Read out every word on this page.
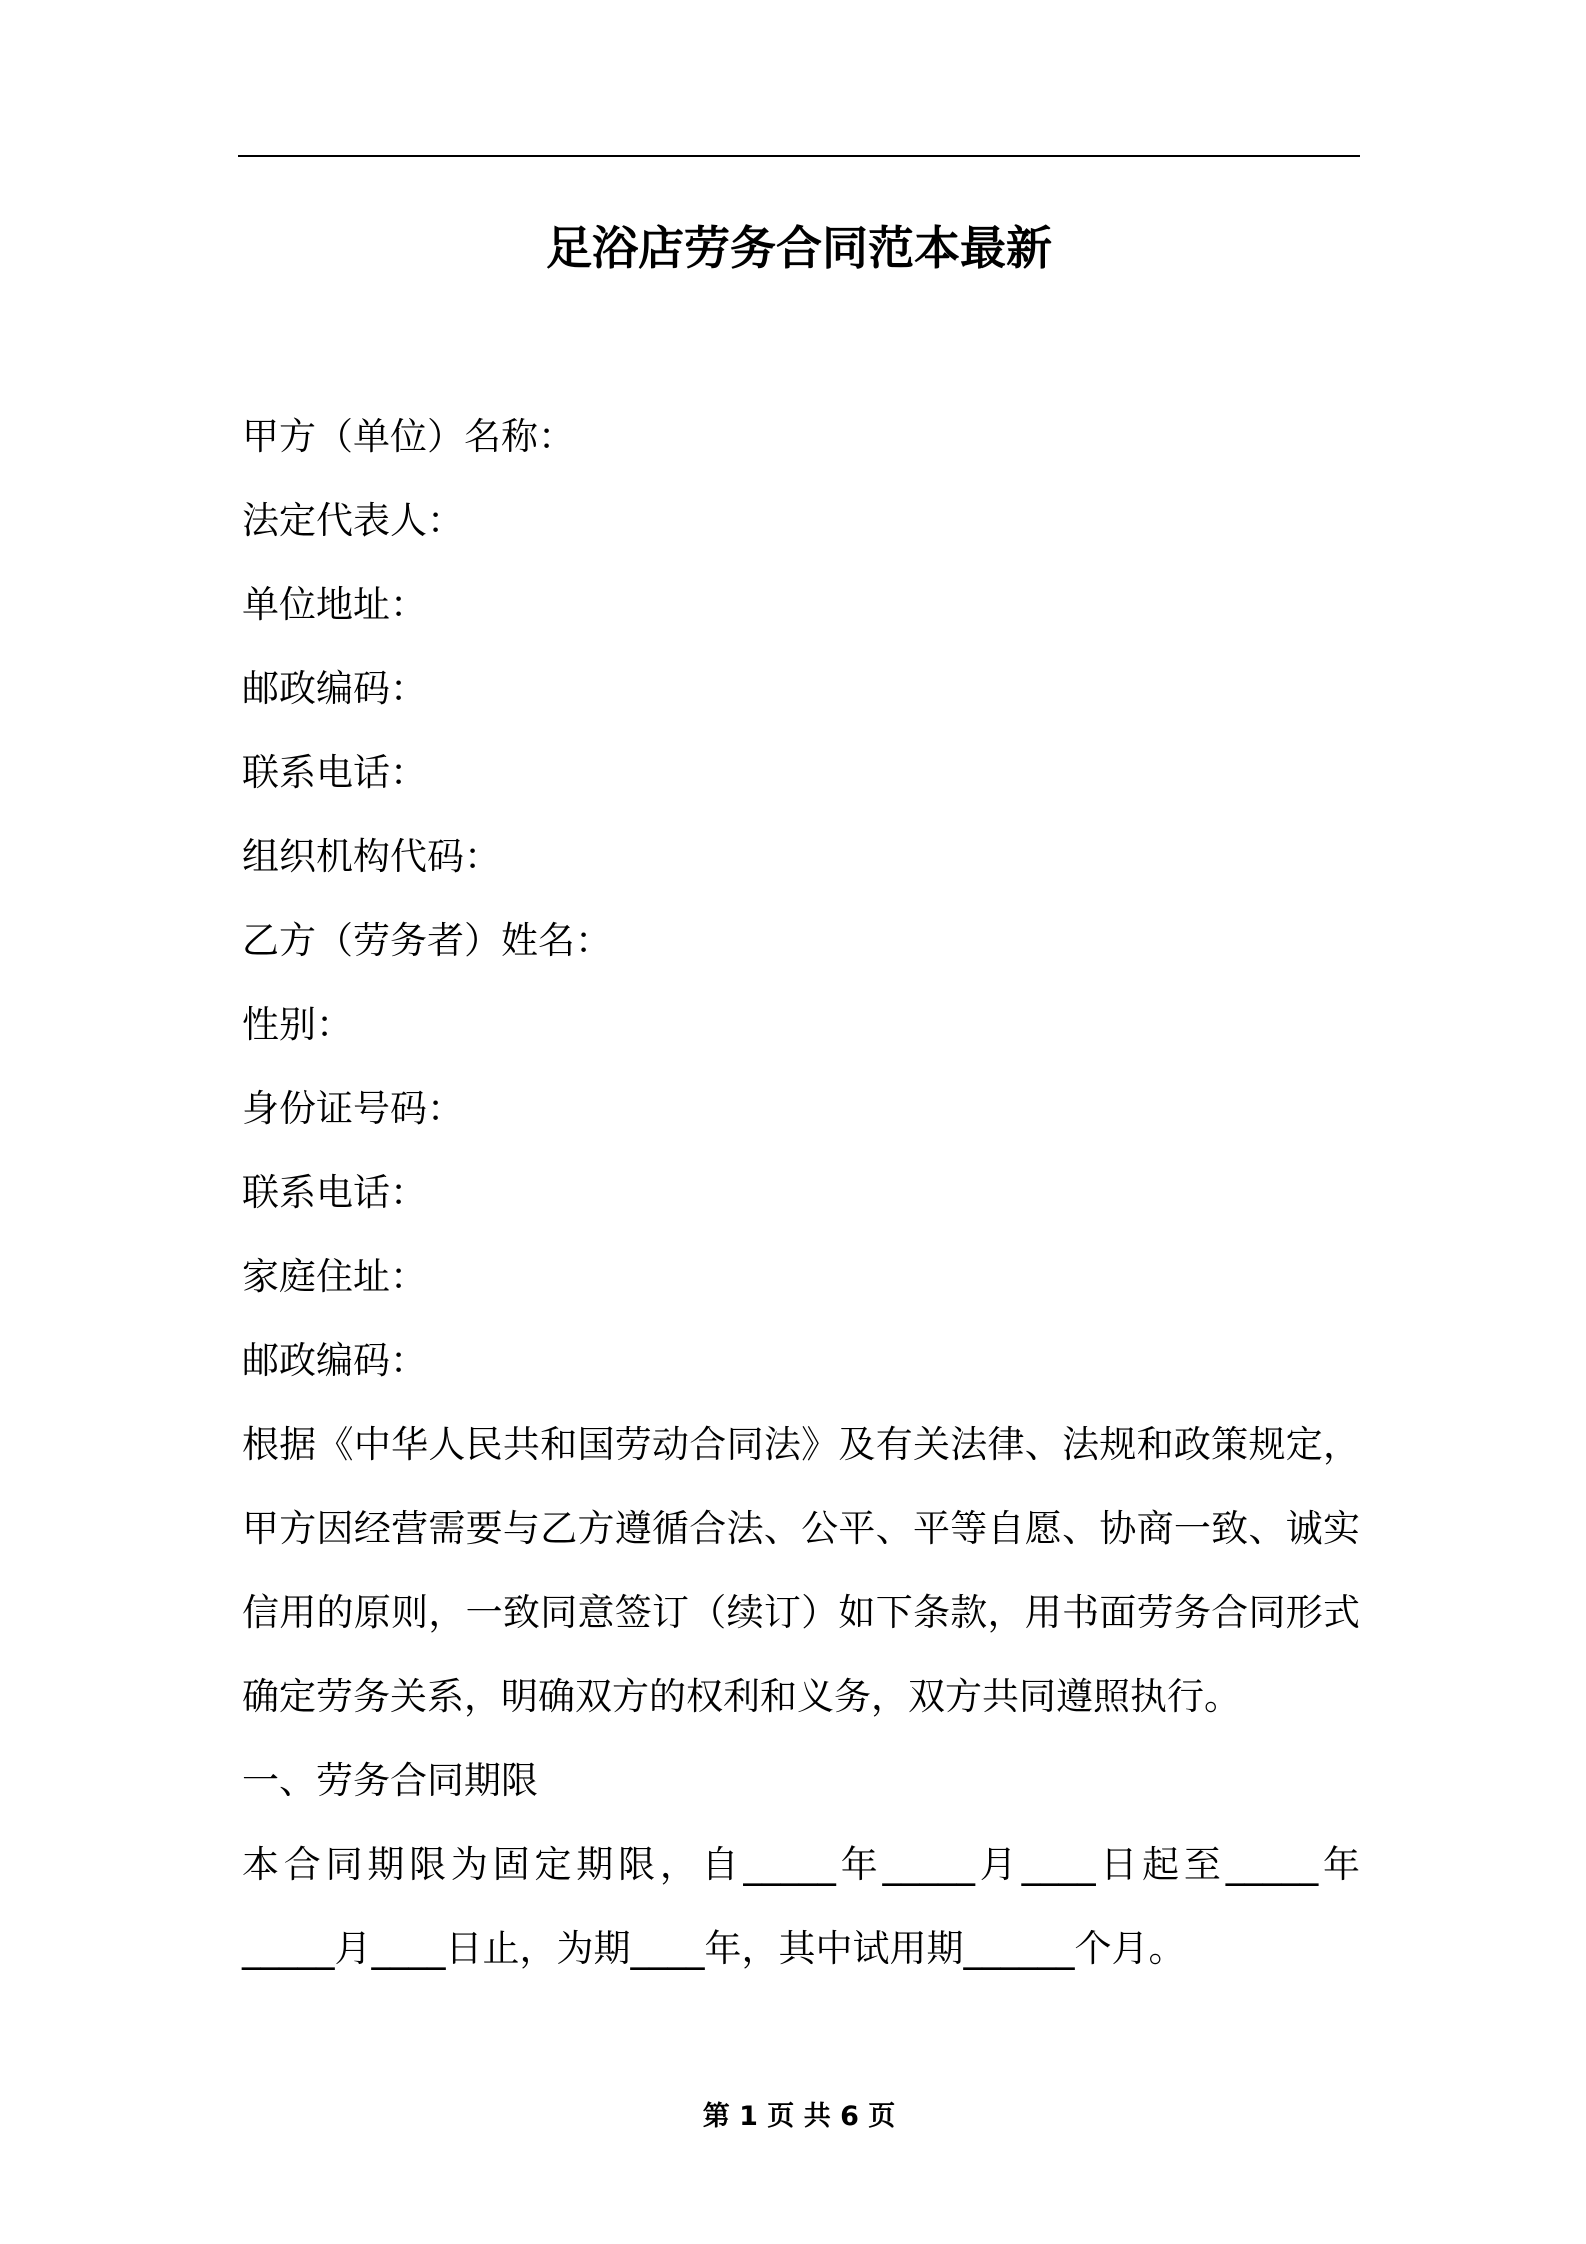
足浴店劳务合同范本最新
甲方（单位）名称：
法定代表人：
单位地址：
邮政编码：
联系电话：
组织机构代码：
乙方（劳务者）姓名：
性别：
身份证号码：
联系电话：
家庭住址：
邮政编码：
根据《中华人民共和国劳动合同法》及有关法律、法规和政策规定，
甲方因经营需要与乙方遵循合法、公平、平等自愿、协商一致、诚实
信用的原则，一致同意签订（续订）如下条款，用书面劳务合同形式
确定劳务关系，明确双方的权利和义务，双方共同遵照执行。
一、劳务合同期限
本合同期限为固定期限，自_____年_____月____日起至_____年
_____月____日止，为期____年，其中试用期______个月。
第 1 页 共 6 页
